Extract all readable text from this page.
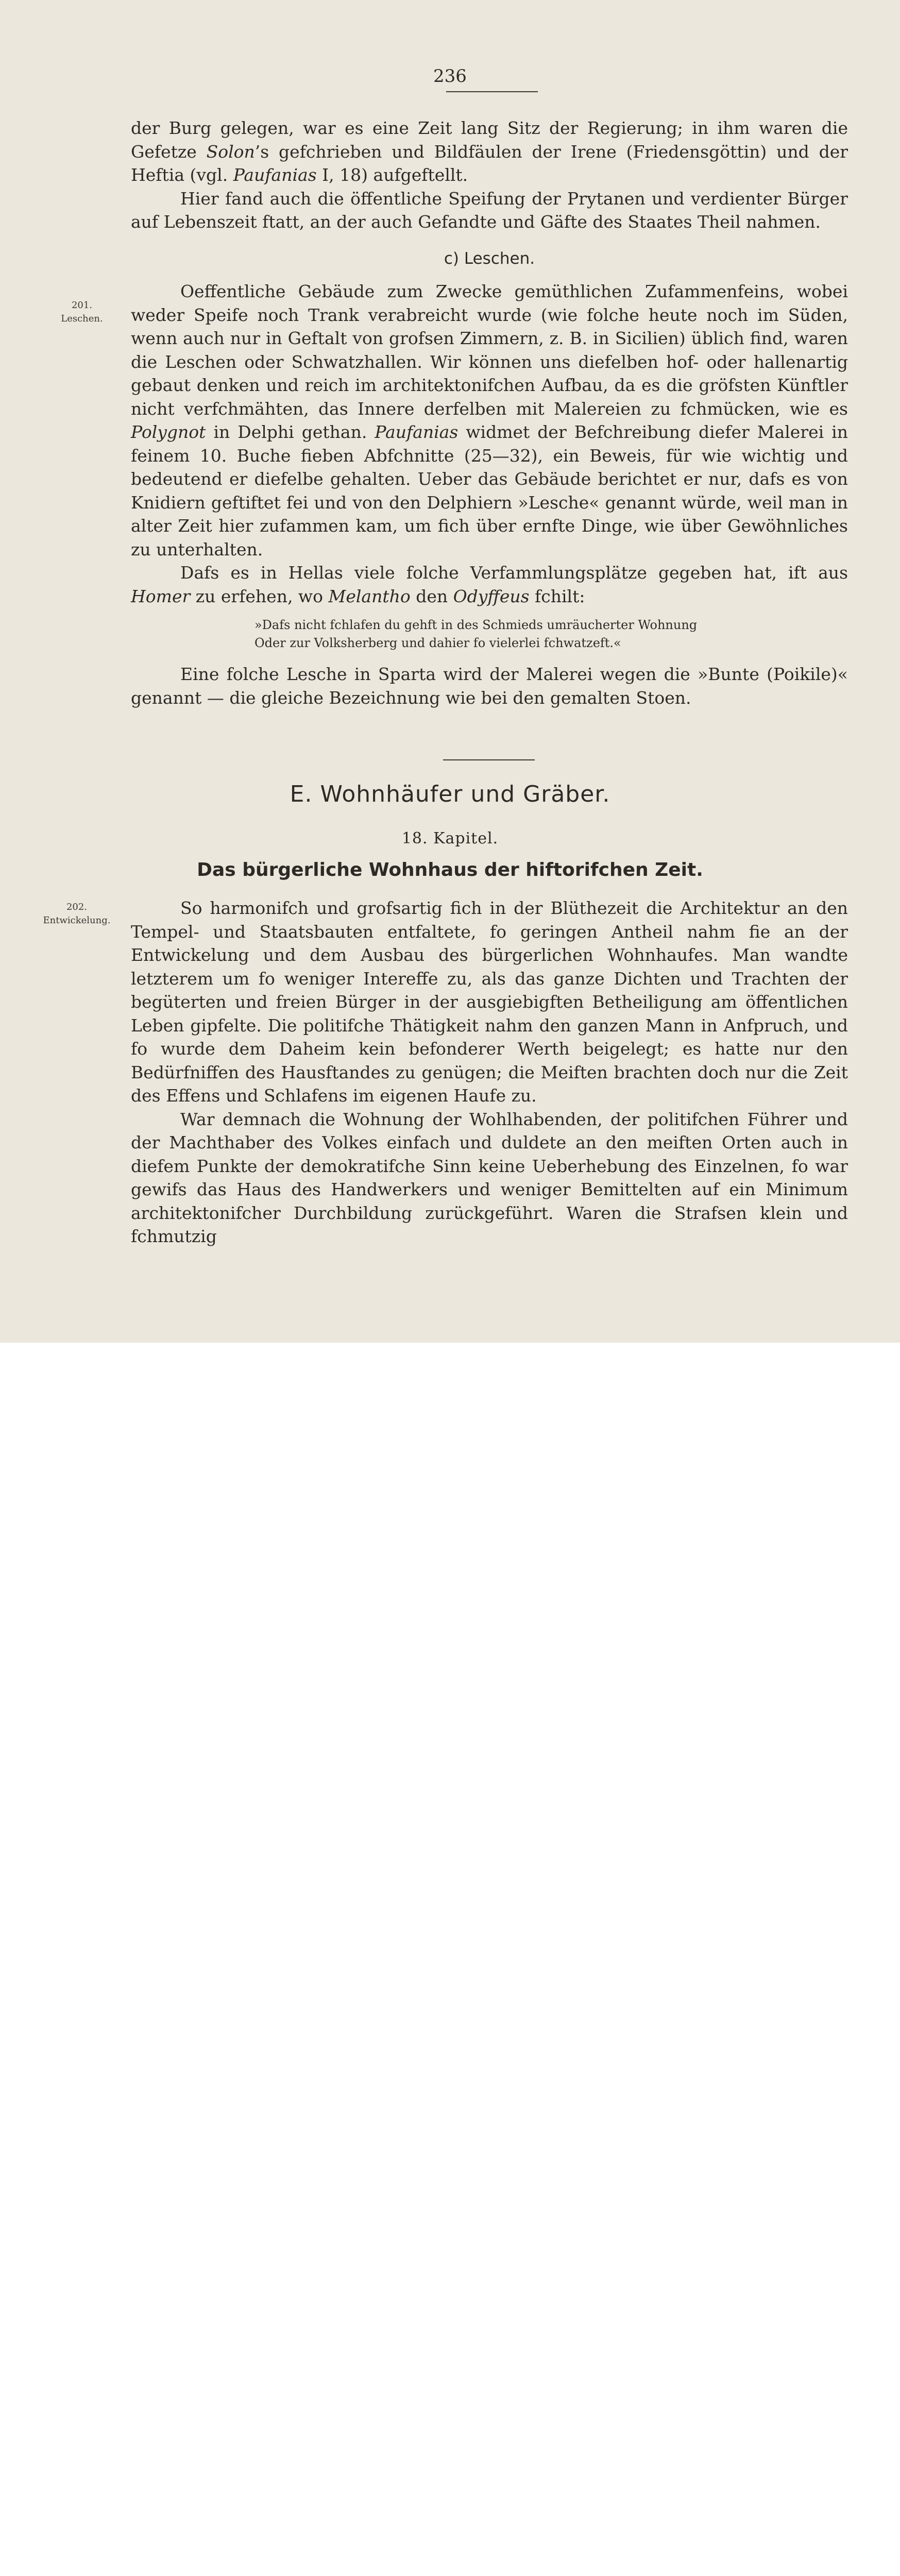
236

der Burg gelegen, war es eine Zeit lang Sitz der Regierung; in ihm waren die Gefetze Solon’s gefchrieben und Bildfäulen der Irene (Friedensgöttin) und der Heftia (vgl. Paufanias I, 18) aufgeftellt.

Hier fand auch die öffentliche Speifung der Prytanen und verdienter Bürger auf Lebenszeit ftatt, an der auch Gefandte und Gäfte des Staates Theil nahmen.

c) Leschen.

Oeffentliche Gebäude zum Zwecke gemüthlichen Zufammenfeins, wobei weder Speife noch Trank verabreicht wurde (wie folche heute noch im Süden, wenn auch nur in Geftalt von grofsen Zimmern, z. B. in Sicilien) üblich find, waren die Leschen oder Schwatzhallen. Wir können uns diefelben hof- oder hallenartig gebaut denken und reich im architektonifchen Aufbau, da es die gröfsten Künftler nicht verfchmähten, das Innere derfelben mit Malereien zu fchmücken, wie es Polygnot in Delphi gethan. Paufanias widmet der Befchreibung diefer Malerei in feinem 10. Buche fieben Abfchnitte (25—32), ein Beweis, für wie wichtig und bedeutend er diefelbe gehalten. Ueber das Gebäude berichtet er nur, dafs es von Knidiern geftiftet fei und von den Delphiern »Lesche« genannt würde, weil man in alter Zeit hier zufammen kam, um fich über ernfte Dinge, wie über Gewöhnliches zu unterhalten.

Dafs es in Hellas viele folche Verfammlungsplätze gegeben hat, ift aus Homer zu erfehen, wo Melantho den Odyffeus fchilt:

»Dafs nicht fchlafen du gehft in des Schmieds umräucherter Wohnung
Oder zur Volksherberg und dahier fo vielerlei fchwatzeft.«

Eine folche Lesche in Sparta wird der Malerei wegen die »Bunte (Poikile)« genannt — die gleiche Bezeichnung wie bei den gemalten Stoen.

201.
Leschen.
E. Wohnhäufer und Gräber.
18. Kapitel.
Das bürgerliche Wohnhaus der hiftorifchen Zeit.
202.
Entwickelung.

So harmonifch und grofsartig fich in der Blüthezeit die Architektur an den Tempel- und Staatsbauten entfaltete, fo geringen Antheil nahm fie an der Entwickelung und dem Ausbau des bürgerlichen Wohnhaufes. Man wandte letzterem um fo weniger Intereffe zu, als das ganze Dichten und Trachten der begüterten und freien Bürger in der ausgiebigften Betheiligung am öffentlichen Leben gipfelte. Die politifche Thätigkeit nahm den ganzen Mann in Anfpruch, und fo wurde dem Daheim kein befonderer Werth beigelegt; es hatte nur den Bedürfniffen des Hausftandes zu genügen; die Meiften brachten doch nur die Zeit des Effens und Schlafens im eigenen Haufe zu.

War demnach die Wohnung der Wohlhabenden, der politifchen Führer und der Machthaber des Volkes einfach und duldete an den meiften Orten auch in diefem Punkte der demokratifche Sinn keine Ueberhebung des Einzelnen, fo war gewifs das Haus des Handwerkers und weniger Bemittelten auf ein Minimum architektonifcher Durchbildung zurückgeführt. Waren die Strafsen klein und fchmutzig
